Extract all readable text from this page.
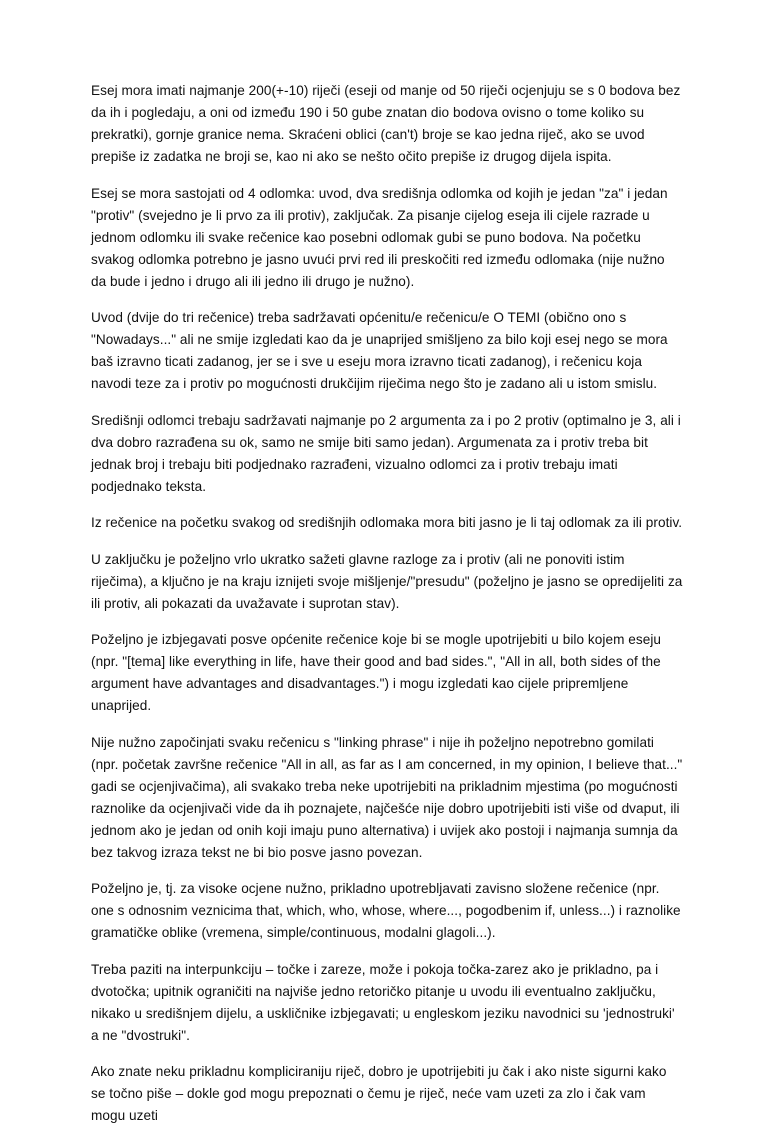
Esej mora imati najmanje 200(+-10) riječi (eseji od manje od 50 riječi ocjenjuju se s 0 bodova bez da ih i pogledaju, a oni od između 190 i 50 gube znatan dio bodova ovisno o tome koliko su prekratki), gornje granice nema. Skraćeni oblici (can't) broje se kao jedna riječ, ako se uvod prepiše iz zadatka ne broji se, kao ni ako se nešto očito prepiše iz drugog dijela ispita.

Esej se mora sastojati od 4 odlomka: uvod, dva središnja odlomka od kojih je jedan "za" i jedan "protiv" (svejedno je li prvo za ili protiv), zaključak. Za pisanje cijelog eseja ili cijele razrade u jednom odlomku ili svake rečenice kao posebni odlomak gubi se puno bodova. Na početku svakog odlomka potrebno je jasno uvući prvi red ili preskočiti red između odlomaka (nije nužno da bude i jedno i drugo ali ili jedno ili drugo je nužno).

Uvod (dvije do tri rečenice) treba sadržavati općenitu/e rečenicu/e O TEMI (obično ono s "Nowadays..." ali ne smije izgledati kao da je unaprijed smišljeno za bilo koji esej nego se mora baš izravno ticati zadanog, jer se i sve u eseju mora izravno ticati zadanog), i rečenicu koja navodi teze za i protiv po mogućnosti drukčijim riječima nego što je zadano ali u istom smislu.

Središnji odlomci trebaju sadržavati najmanje po 2 argumenta za i po 2 protiv (optimalno je 3, ali i dva dobro razrađena su ok, samo ne smije biti samo jedan). Argumenata za i protiv treba bit jednak broj i trebaju biti podjednako razrađeni, vizualno odlomci za i protiv trebaju imati podjednako teksta.

Iz rečenice na početku svakog od središnjih odlomaka mora biti jasno je li taj odlomak za ili protiv.

U zaključku je poželjno vrlo ukratko sažeti glavne razloge za i protiv (ali ne ponoviti istim riječima), a ključno je na kraju iznijeti svoje mišljenje/"presudu" (poželjno je jasno se opredijeliti za ili protiv, ali pokazati da uvažavate i suprotan stav).

Poželjno je izbjegavati posve općenite rečenice koje bi se mogle upotrijebiti u bilo kojem eseju (npr. "[tema] like everything in life, have their good and bad sides.", "All in all, both sides of the argument have advantages and disadvantages.") i mogu izgledati kao cijele pripremljene unaprijed.

Nije nužno započinjati svaku rečenicu s "linking phrase" i nije ih poželjno nepotrebno gomilati (npr. početak završne rečenice "All in all, as far as I am concerned, in my opinion, I believe that..." gadi se ocjenjivačima), ali svakako treba neke upotrijebiti na prikladnim mjestima (po mogućnosti raznolike da ocjenjivači vide da ih poznajete, najčešće nije dobro upotrijebiti isti više od dvaput, ili jednom ako je jedan od onih koji imaju puno alternativa) i uvijek ako postoji i najmanja sumnja da bez takvog izraza tekst ne bi bio posve jasno povezan.

Poželjno je, tj. za visoke ocjene nužno, prikladno upotrebljavati zavisno složene rečenice (npr. one s odnosnim veznicima that, which, who, whose, where..., pogodbenim if, unless...) i raznolike gramatičke oblike (vremena, simple/continuous, modalni glagoli...).

Treba paziti na interpunkciju – točke i zareze, može i pokoja točka-zarez ako je prikladno, pa i dvotočka; upitnik ograničiti na najviše jedno retoričko pitanje u uvodu ili eventualno zaključku, nikako u središnjem dijelu, a uskličnike izbjegavati; u engleskom jeziku navodnici su 'jednostruki' a ne "dvostruki".

Ako znate neku prikladnu kompliciraniju riječ, dobro je upotrijebiti ju čak i ako niste sigurni kako se točno piše – dokle god mogu prepoznati o čemu je riječ, neće vam uzeti za zlo i čak vam mogu uzeti
